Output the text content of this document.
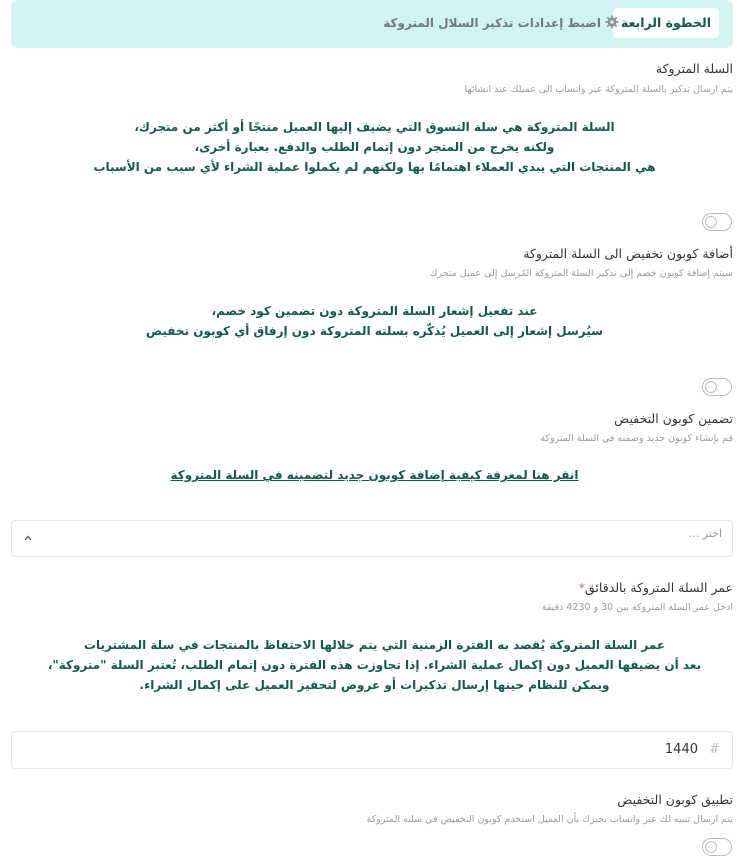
الخطوة الرابعة
اضبط إعدادات تذكير السلال المتروكة
السلة المتروكة
يتم ارسال تذكير بالسلة المتروكة عبر واتساب الى عميلك عند انشائها
السلة المتروكة هي سلة التسوق التي يضيف إليها العميل منتجًا أو أكثر من متجرك،
ولكنه يخرج من المتجر دون إتمام الطلب والدفع. بعبارة أخرى،
هي المنتجات التي يبدي العملاء اهتمامًا بها ولكنهم لم يكملوا عملية الشراء لأي سبب من الأسباب
أضافة كوبون تخفيض الى السلة المتروكة
سيتم إضافة كوبون خصم إلى تذكير السلة المتروكة المُرسل إلى عميل متجرك
عند تفعيل إشعار السلة المتروكة دون تضمين كود خصم،
سيُرسل إشعار إلى العميل يُذكّره بسلته المتروكة دون إرفاق أي كوبون تخفيض
تضمين كوبون التخفيض
قم بإنشاء كوبون جديد وضمنه في السلة المتروكة
انقر هنا لمعرفة كيفية إضافة كوبون جديد لتضمينه في السلة المتروكة
اختر ...
عمر السلة المتروكة بالدقائق*
ادخل عمر السلة المتروكة بين 30 و 4230 دقيقة
عمر السلة المتروكة يُقصد به الفترة الزمنية التي يتم خلالها الاحتفاظ بالمنتجات في سلة المشتريات
بعد أن يضيفها العميل دون إكمال عملية الشراء. إذا تجاوزت هذه الفترة دون إتمام الطلب، تُعتبر السلة "متروكة"،
ويمكن للنظام حينها إرسال تذكيرات أو عروض لتحفيز العميل على إكمال الشراء.
#
1440
تطبيق كوبون التخفيض
يتم ارسال تنبيه لك عبر واتساب يخبرك بأن العميل استخدم كوبون التخفيض في سلته المتروكة
